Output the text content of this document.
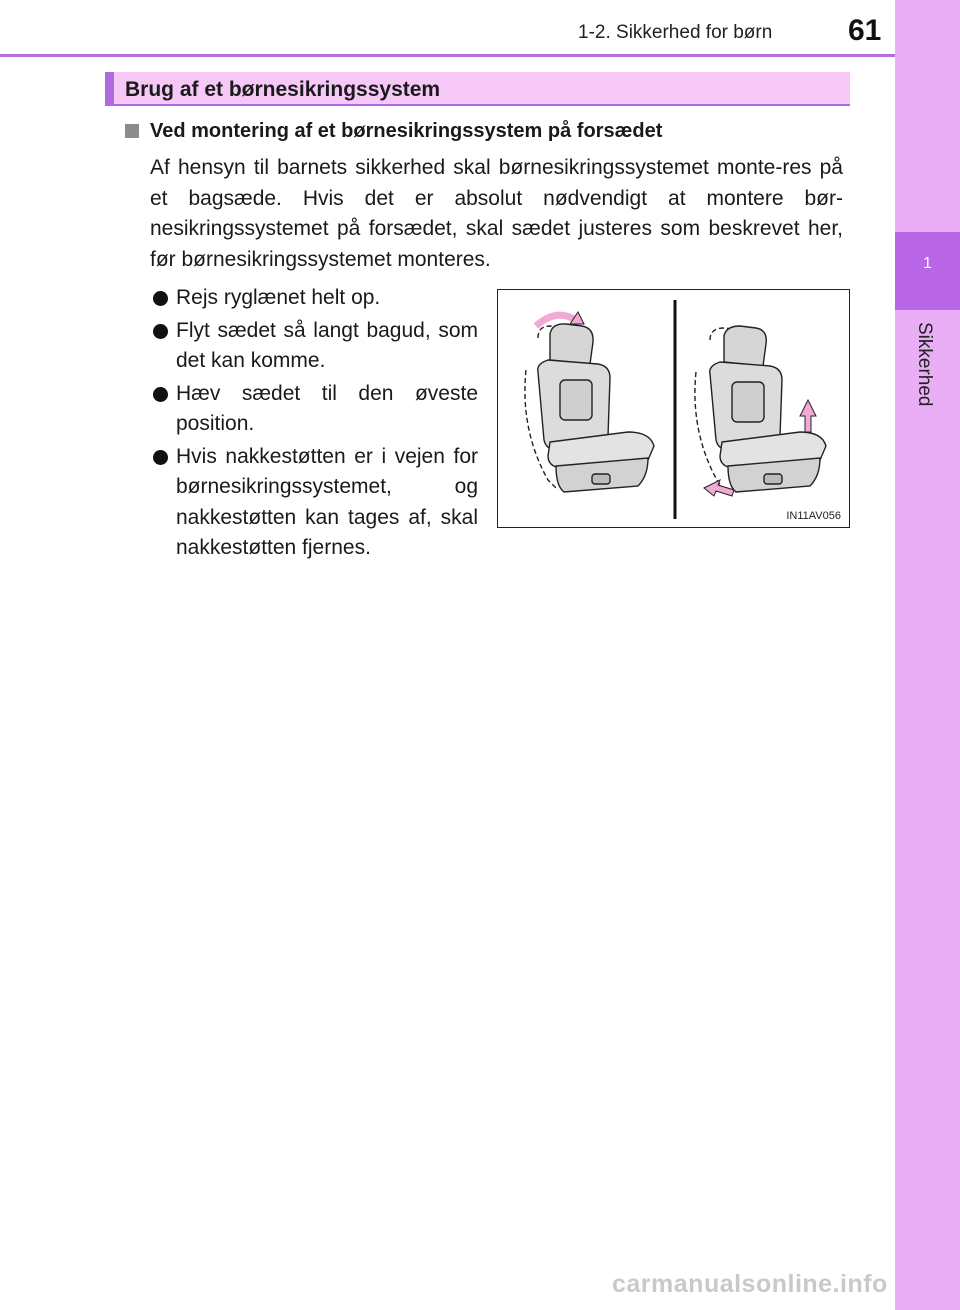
1-2. Sikkerhed for børn	61
1
Sikkerhed
Brug af et børnesikringssystem
Ved montering af et børnesikringssystem på forsædet
Af hensyn til barnets sikkerhed skal børnesikringssystemet monte-res på et bagsæde. Hvis det er absolut nødvendigt at montere bør-nesikringssystemet på forsædet, skal sædet justeres som beskrevet her, før børnesikringssystemet monteres.
Rejs ryglænet helt op.
Flyt sædet så langt bagud, som det kan komme.
Hæv sædet til den øveste position.
Hvis nakkestøtten er i vejen for børnesikringssystemet, og nakkestøtten kan tages af, skal nakkestøtten fjernes.
IN11AV056
carmanualsonline.info
